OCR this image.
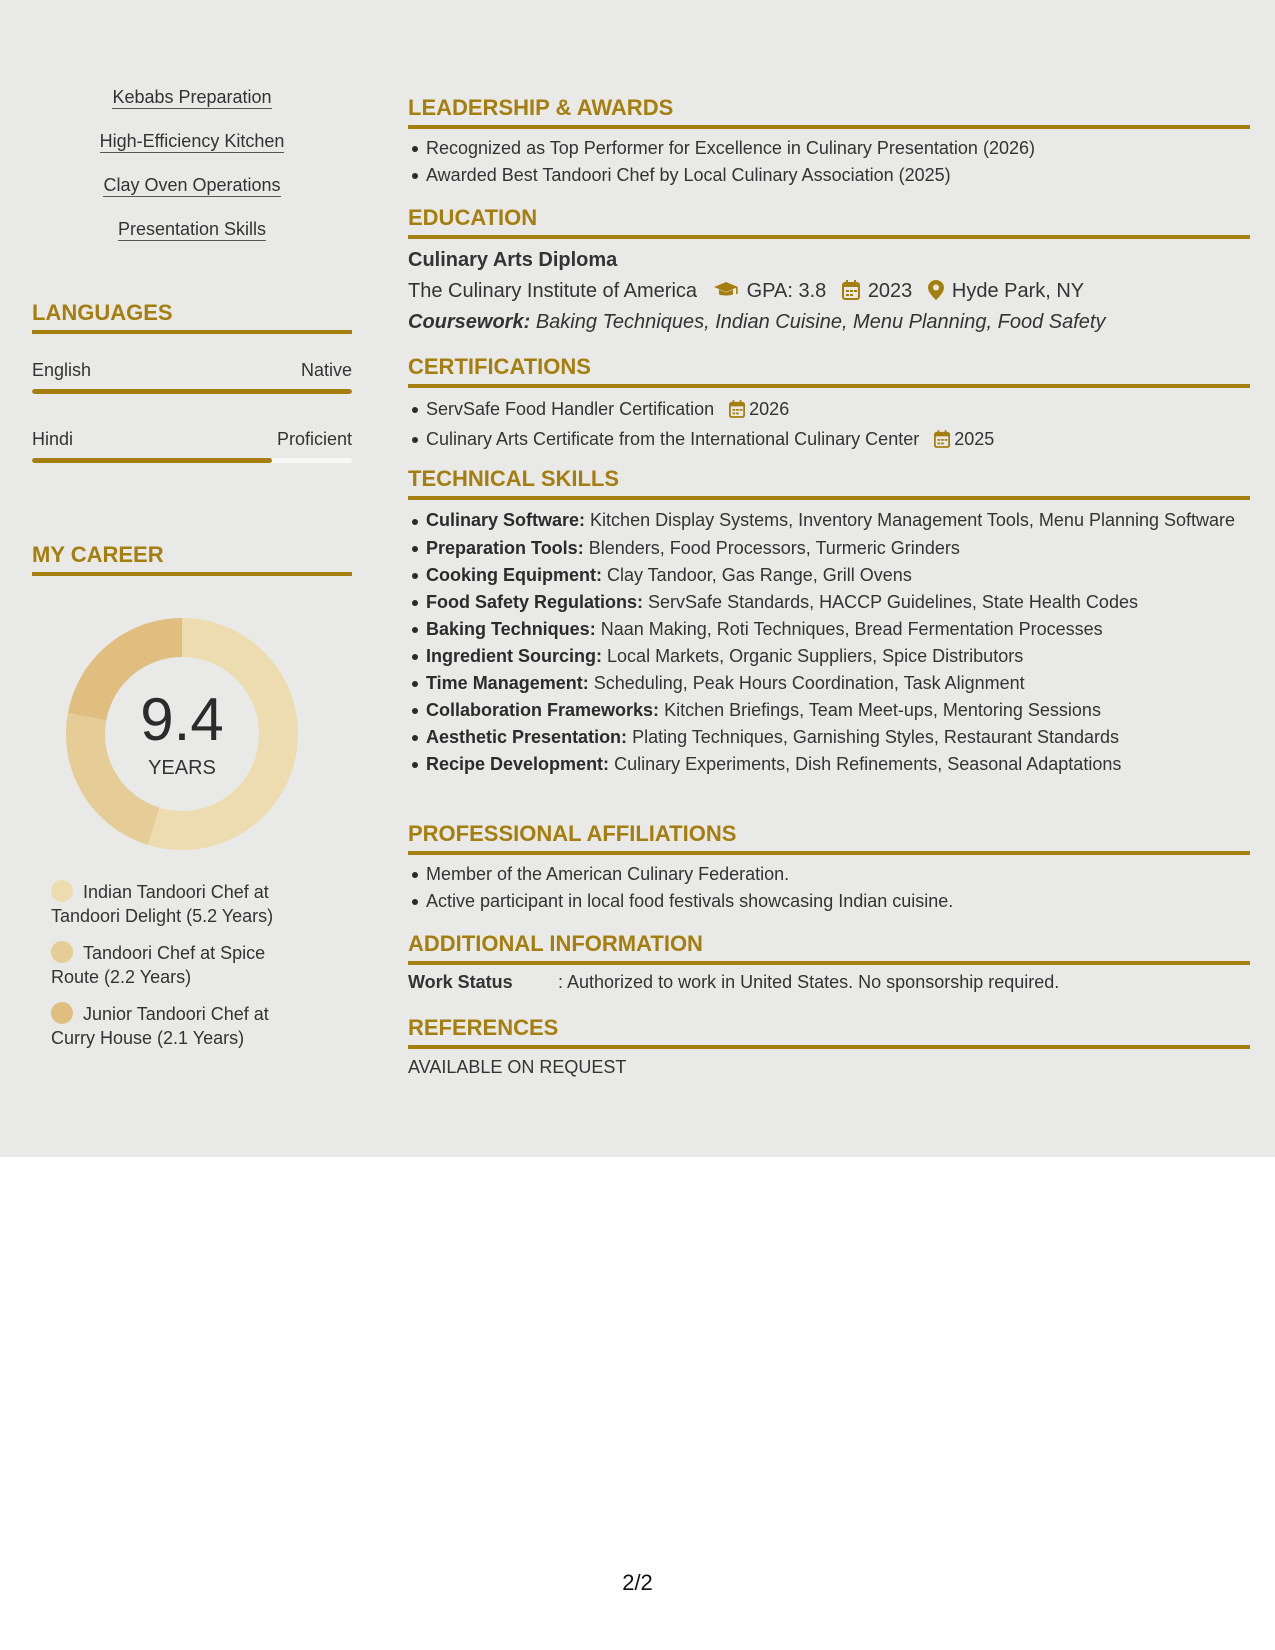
Kebabs Preparation
High-Efficiency Kitchen
Clay Oven Operations
Presentation Skills
LANGUAGES
English	Native
Hindi	Proficient
MY CAREER
9.4
YEARS
Indian Tandoori Chef at Tandoori Delight (5.2 Years)
Tandoori Chef at Spice Route (2.2 Years)
Junior Tandoori Chef at Curry House (2.1 Years)
LEADERSHIP & AWARDS
Recognized as Top Performer for Excellence in Culinary Presentation (2026)
Awarded Best Tandoori Chef by Local Culinary Association (2025)
EDUCATION
Culinary Arts Diploma
The Culinary Institute of America GPA: 3.8 2023 Hyde Park, NY
Coursework: Baking Techniques, Indian Cuisine, Menu Planning, Food Safety
CERTIFICATIONS
ServSafe Food Handler Certification 2026
Culinary Arts Certificate from the International Culinary Center 2025
TECHNICAL SKILLS
Culinary Software: Kitchen Display Systems, Inventory Management Tools, Menu Planning Software
Preparation Tools: Blenders, Food Processors, Turmeric Grinders
Cooking Equipment: Clay Tandoor, Gas Range, Grill Ovens
Food Safety Regulations: ServSafe Standards, HACCP Guidelines, State Health Codes
Baking Techniques: Naan Making, Roti Techniques, Bread Fermentation Processes
Ingredient Sourcing: Local Markets, Organic Suppliers, Spice Distributors
Time Management: Scheduling, Peak Hours Coordination, Task Alignment
Collaboration Frameworks: Kitchen Briefings, Team Meet-ups, Mentoring Sessions
Aesthetic Presentation: Plating Techniques, Garnishing Styles, Restaurant Standards
Recipe Development: Culinary Experiments, Dish Refinements, Seasonal Adaptations
PROFESSIONAL AFFILIATIONS
Member of the American Culinary Federation.
Active participant in local food festivals showcasing Indian cuisine.
ADDITIONAL INFORMATION
Work Status	: Authorized to work in United States. No sponsorship required.
REFERENCES
AVAILABLE ON REQUEST
2/2
